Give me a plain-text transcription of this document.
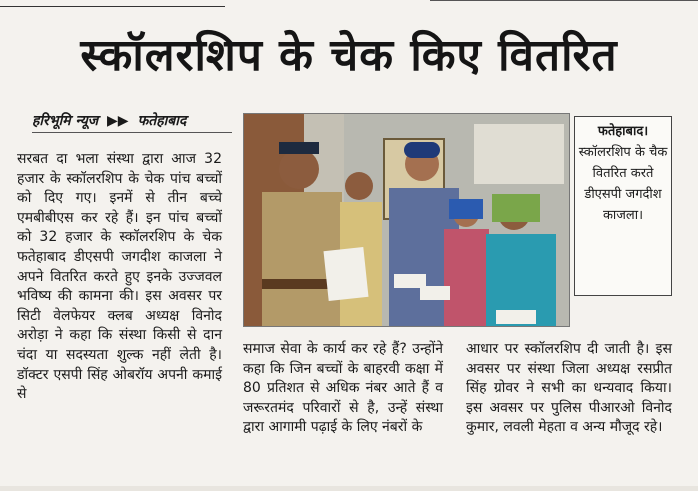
स्कॉलरशिप के चेक किए वितरित
हरिभूमि न्यूज ▶▶ फतेहाबाद

सरबत दा भला संस्था द्वारा आज 32 हजार के स्कॉलरशिप के चेक पांच बच्चों को दिए गए। इनमें से तीन बच्चे एमबीबीएस कर रहे हैं। इन पांच बच्चों को 32 हजार के स्कॉलरशिप के चेक फतेहाबाद डीएसपी जगदीश काजला ने अपने वितरित करते हुए इनके उज्जवल भविष्य की कामना की। इस अवसर पर सिटी वेलफेयर क्लब अध्यक्ष विनोद अरोड़ा ने कहा कि संस्था किसी से दान चंदा या सदस्यता शुल्क नहीं लेती है। डॉक्टर एसपी सिंह ओबरॉय अपनी कमाई से

फतेहाबाद।
स्कॉलरशिप के चैक वितरित करते डीएसपी जगदीश काजला।

समाज सेवा के कार्य कर रहे हैं? उन्होंने कहा कि जिन बच्चों के बाहरवी कक्षा में 80 प्रतिशत से अधिक नंबर आते हैं व जरूरतमंद परिवारों से है, उन्हें संस्था द्वारा आगामी पढ़ाई के लिए नंबरों के

आधार पर स्कॉलरशिप दी जाती है। इस अवसर पर संस्था जिला अध्यक्ष रसप्रीत सिंह ग्रोवर ने सभी का धन्यवाद किया। इस अवसर पर पुलिस पीआरओ विनोद कुमार, लवली मेहता व अन्य मौजूद रहे।
